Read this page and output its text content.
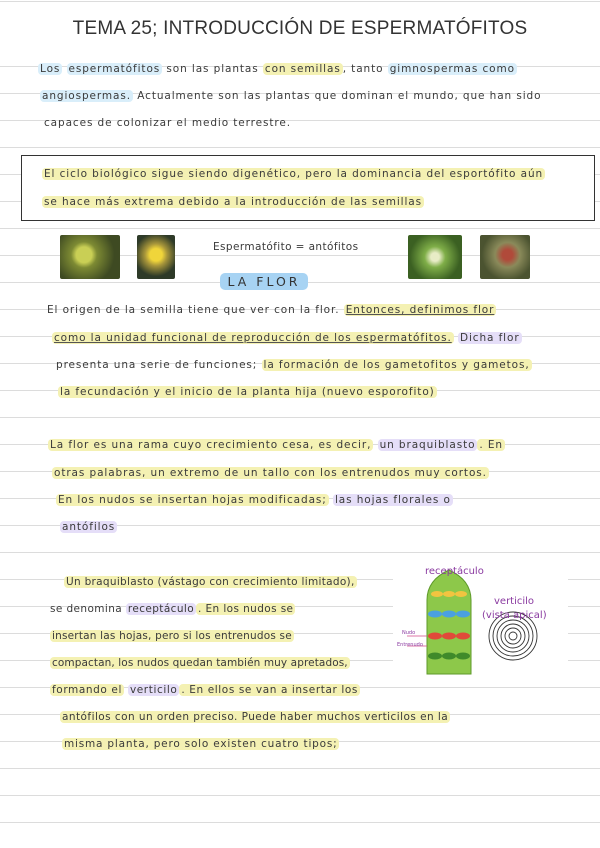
TEMA 25; INTRODUCCIÓN DE ESPERMATÓFITOS
Los espermatófitos son las plantas con semillas , tanto gimnospermas como
angiospermas. Actualmente son las plantas que dominan el mundo, que han sido
capaces de colonizar el medio terrestre.
El ciclo biológico sigue siendo digenético, pero la dominancia del esportófito aún
se hace más extrema debido a la introducción de las semillas
Espermatófito = antófitos
LA FLOR
El origen de la semilla tiene que ver con la flor. Entonces, definimos flor
como la unidad funcional de reproducción de los espermatófitos. Dicha flor
presenta una serie de funciones; la formación de los gametofitos y gametos,
la fecundación y el inicio de la planta hija (nuevo esporofito)
La flor es una rama cuyo crecimiento cesa, es decir, un braquiblasto . En
otras palabras, un extremo de un tallo con los entrenudos muy cortos.
En los nudos se insertan hojas modificadas; las hojas florales o
antófilos
Un braquiblasto (vástago con crecimiento limitado),
se denomina receptáculo . En los nudos se
insertan las hojas, pero si los entrenudos se
compactan, los nudos quedan también muy apretados,
formando el verticilo . En ellos se van a insertar los
antófilos con un orden preciso. Puede haber muchos verticilos en la
misma planta, pero solo existen cuatro tipos;
receptáculo
verticilo
(vista apical)
Nudo
Entrenudo
